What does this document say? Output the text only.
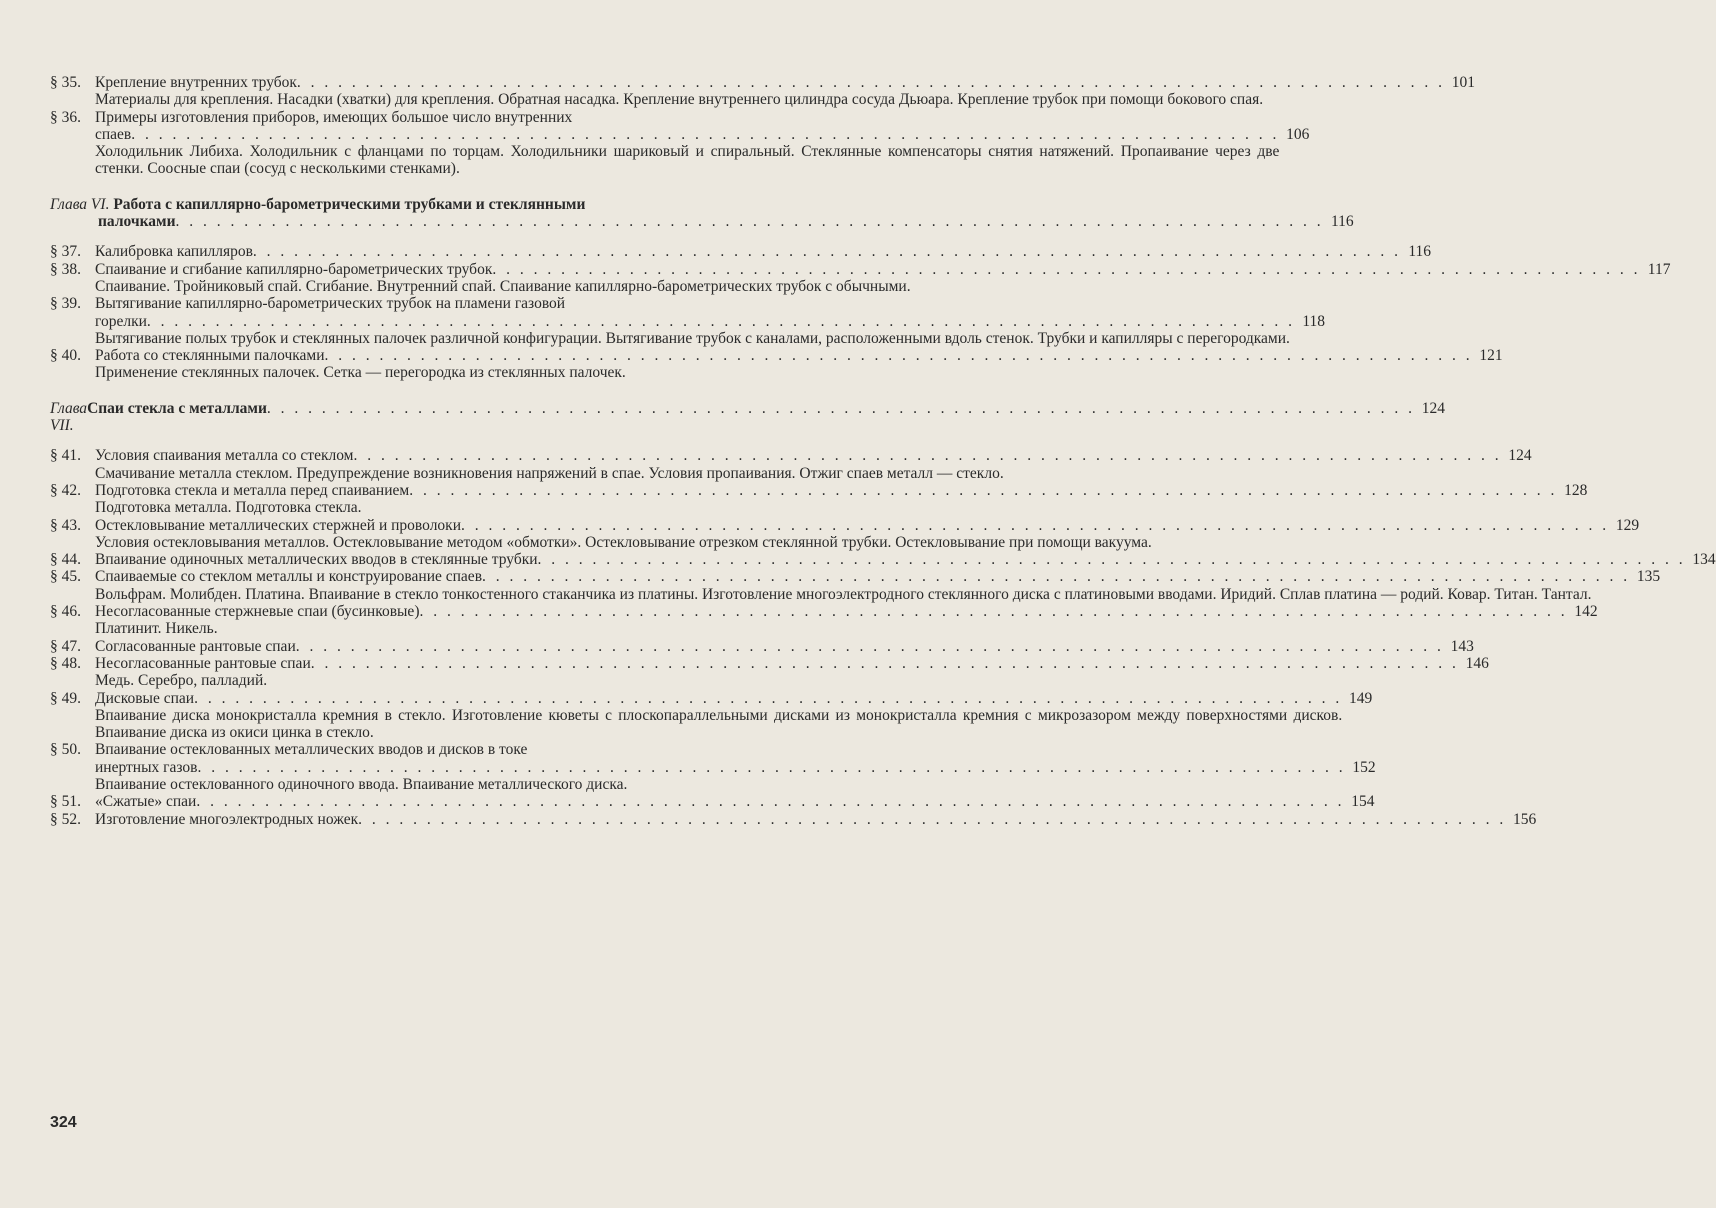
§ 35. Крепление внутренних трубок . . .	101
Материалы для крепления. Насадки (хватки) для крепления. Обратная насадка. Крепление внутреннего цилиндра сосуда Дьюара. Крепление трубок при помощи бокового спая.
§ 36. Примеры изготовления приборов, имеющих большое число внутренних
спаев . . .	106
Холодильник Либиха. Холодильник с фланцами по торцам. Холодильники шариковый и спиральный. Стеклянные компенсаторы снятия натяжений. Пропаивание через две стенки. Соосные спаи (сосуд с несколькими стенками).
Глава VI. Работа с капиллярно-барометрическими трубками и стеклянными
палочками . . .	116
§ 37. Калибровка капилляров . . .	116
§ 38. Спаивание и сгибание капиллярно-барометрических трубок . . .	117
Спаивание. Тройниковый спай. Сгибание. Внутренний спай. Спаивание капиллярно-барометрических трубок с обычными.
§ 39. Вытягивание капиллярно-барометрических трубок на пламени газовой
горелки . . .	118
Вытягивание полых трубок и стеклянных палочек различной конфигурации. Вытягивание трубок с каналами, расположенными вдоль стенок. Трубки и капилляры с перегородками.
§ 40. Работа со стеклянными палочками . . .	121
Применение стеклянных палочек. Сетка — перегородка из стеклянных палочек.
Глава VII.
Спаи стекла с металлами . . .	124
§ 41. Условия спаивания металла со стеклом . . .	124
Смачивание металла стеклом. Предупреждение возникновения напряжений в спае. Условия пропаивания. Отжиг спаев металл — стекло.
§ 42. Подготовка стекла и металла перед спаиванием . . .	128
Подготовка металла. Подготовка стекла.
§ 43. Остекловывание металлических стержней и проволоки . . .	129
Условия остекловывания металлов. Остекловывание методом «обмотки». Остекловывание отрезком стеклянной трубки. Остекловывание при помощи вакуума.
§ 44. Впаивание одиночных металлических вводов в стеклянные трубки . . .	134
§ 45. Спаиваемые со стеклом металлы и конструирование спаев . . .	135
Вольфрам. Молибден. Платина. Впаивание в стекло тонкостенного стаканчика из платины. Изготовление многоэлектродного стеклянного диска с платиновыми вводами. Иридий. Сплав платина — родий. Ковар. Титан. Тантал.
§ 46. Несогласованные стержневые спаи (бусинковые) . . .	142
Платинит. Никель.
§ 47. Согласованные рантовые спаи . . .	143
§ 48. Несогласованные рантовые спаи . . .	146
Медь. Серебро, палладий.
§ 49. Дисковые спаи . . .	149
Впаивание диска монокристалла кремния в стекло. Изготовление кюветы с плоскопараллельными дисками из монокристалла кремния с микрозазором между поверхностями дисков. Впаивание диска из окиси цинка в стекло.
§ 50. Впаивание остеклованных металлических вводов и дисков в токе
инертных газов . . .	152
Впаивание остеклованного одиночного ввода. Впаивание металлического диска.
§ 51. «Сжатые» спаи . . .	154
§ 52. Изготовление многоэлектродных ножек . . .	156
324
